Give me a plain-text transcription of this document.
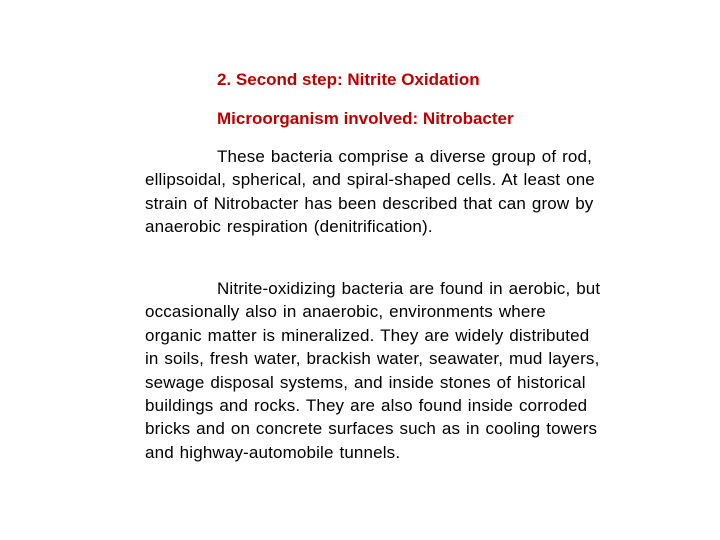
2. Second step: Nitrite Oxidation

Microorganism involved: Nitrobacter

These bacteria comprise a diverse group of rod, ellipsoidal, spherical, and spiral-shaped cells. At least one strain of Nitrobacter has been described that can grow by anaerobic respiration (denitrification).

Nitrite-oxidizing bacteria are found in aerobic, but occasionally also in anaerobic, environments where organic matter is mineralized. They are widely distributed in soils, fresh water, brackish water, seawater, mud layers, sewage disposal systems, and inside stones of historical buildings and rocks. They are also found inside corroded bricks and on concrete surfaces such as in cooling towers and highway-automobile tunnels.
